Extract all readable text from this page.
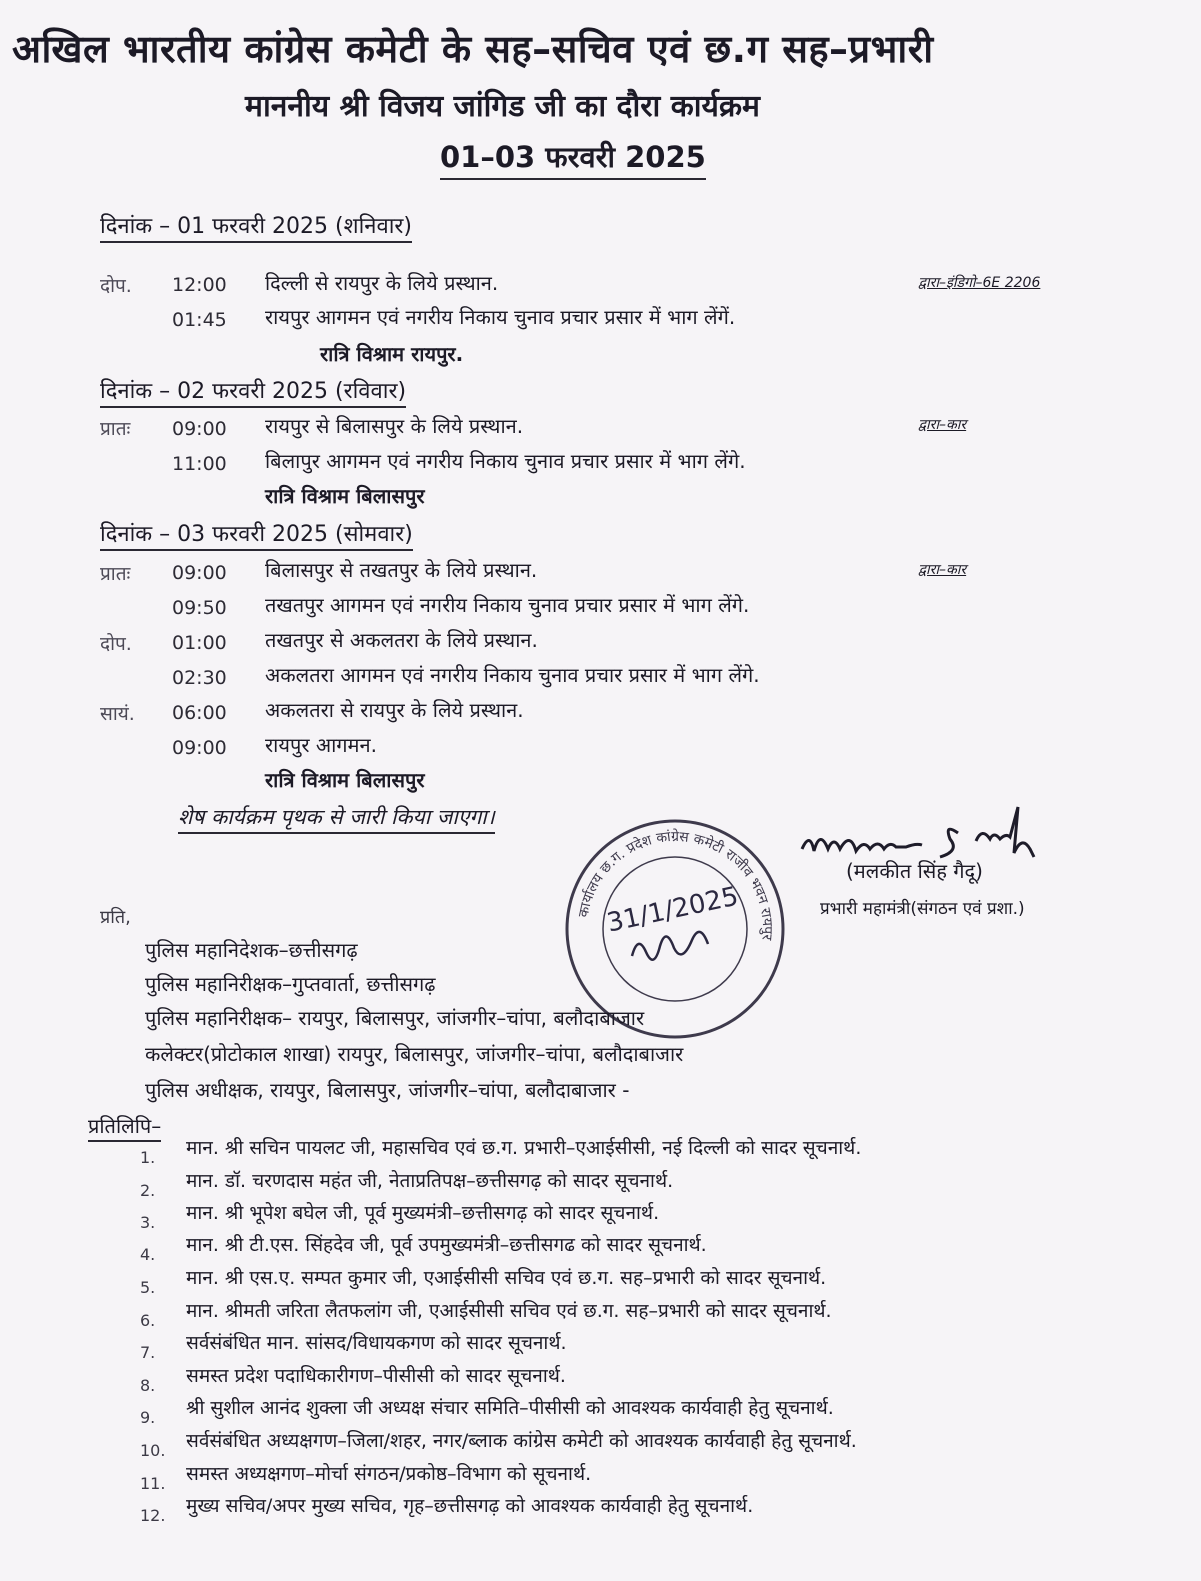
अखिल भारतीय कांग्रेस कमेटी के सह–सचिव एवं छ.ग सह–प्रभारी
माननीय श्री विजय जांगिड जी का दौरा कार्यक्रम
01–03 फरवरी 2025
दिनांक – 01 फरवरी 2025 (शनिवार)
दोप. 12:00 दिल्ली से रायपुर के लिये प्रस्थान.	द्वारा–इंडिगो–6E 2206
01:45 रायपुर आगमन एवं नगरीय निकाय चुनाव प्रचार प्रसार में भाग लेंगें.
रात्रि विश्राम रायपुर.
दिनांक – 02 फरवरी 2025 (रविवार)
प्रातः 09:00 रायपुर से बिलासपुर के लिये प्रस्थान.	द्वारा–कार
11:00 बिलापुर आगमन एवं नगरीय निकाय चुनाव प्रचार प्रसार में भाग लेंगे.
रात्रि विश्राम बिलासपुर
दिनांक – 03 फरवरी 2025 (सोमवार)
प्रातः 09:00 बिलासपुर से तखतपुर के लिये प्रस्थान.	द्वारा–कार
09:50 तखतपुर आगमन एवं नगरीय निकाय चुनाव प्रचार प्रसार में भाग लेंगे.
दोप. 01:00 तखतपुर से अकलतरा के लिये प्रस्थान.
02:30 अकलतरा आगमन एवं नगरीय निकाय चुनाव प्रचार प्रसार में भाग लेंगे.
सायं. 06:00 अकलतरा से रायपुर के लिये प्रस्थान.
09:00 रायपुर आगमन.
रात्रि विश्राम बिलासपुर
शेष कार्यक्रम पृथक से जारी किया जाएगा।
कार्यालय छ.ग. प्रदेश कांग्रेस कमेटी राजीव भवन रायपुर
31/1/2025
(मलकीत सिंह गैदू)
प्रभारी महामंत्री(संगठन एवं प्रशा.)
प्रति,
पुलिस महानिदेशक–छत्तीसगढ़
पुलिस महानिरीक्षक–गुप्तवार्ता, छत्तीसगढ़
पुलिस महानिरीक्षक– रायपुर, बिलासपुर, जांजगीर–चांपा, बलौदाबाजार
कलेक्टर(प्रोटोकाल शाखा) रायपुर, बिलासपुर, जांजगीर–चांपा, बलौदाबाजार
पुलिस अधीक्षक, रायपुर, बिलासपुर, जांजगीर–चांपा, बलौदाबाजार -
प्रतिलिपि–
1. मान. श्री सचिन पायलट जी, महासचिव एवं छ.ग. प्रभारी–एआईसीसी, नई दिल्ली को सादर सूचनार्थ.
2. मान. डॉ. चरणदास महंत जी, नेताप्रतिपक्ष–छत्तीसगढ़ को सादर सूचनार्थ.
3. मान. श्री भूपेश बघेल जी, पूर्व मुख्यमंत्री–छत्तीसगढ़ को सादर सूचनार्थ.
4. मान. श्री टी.एस. सिंहदेव जी, पूर्व उपमुख्यमंत्री–छत्तीसगढ को सादर सूचनार्थ.
5. मान. श्री एस.ए. सम्पत कुमार जी, एआईसीसी सचिव एवं छ.ग. सह–प्रभारी को सादर सूचनार्थ.
6. मान. श्रीमती जरिता लैतफलांग जी, एआईसीसी सचिव एवं छ.ग. सह–प्रभारी को सादर सूचनार्थ.
7. सर्वसंबंधित मान. सांसद/विधायकगण को सादर सूचनार्थ.
8. समस्त प्रदेश पदाधिकारीगण–पीसीसी को सादर सूचनार्थ.
9. श्री सुशील आनंद शुक्ला जी अध्यक्ष संचार समिति–पीसीसी को आवश्यक कार्यवाही हेतु सूचनार्थ.
10. सर्वसंबंधित अध्यक्षगण–जिला/शहर, नगर/ब्लाक कांग्रेस कमेटी को आवश्यक कार्यवाही हेतु सूचनार्थ.
11. समस्त अध्यक्षगण–मोर्चा संगठन/प्रकोष्ठ–विभाग को सूचनार्थ.
12. मुख्य सचिव/अपर मुख्य सचिव, गृह–छत्तीसगढ़ को आवश्यक कार्यवाही हेतु सूचनार्थ.
